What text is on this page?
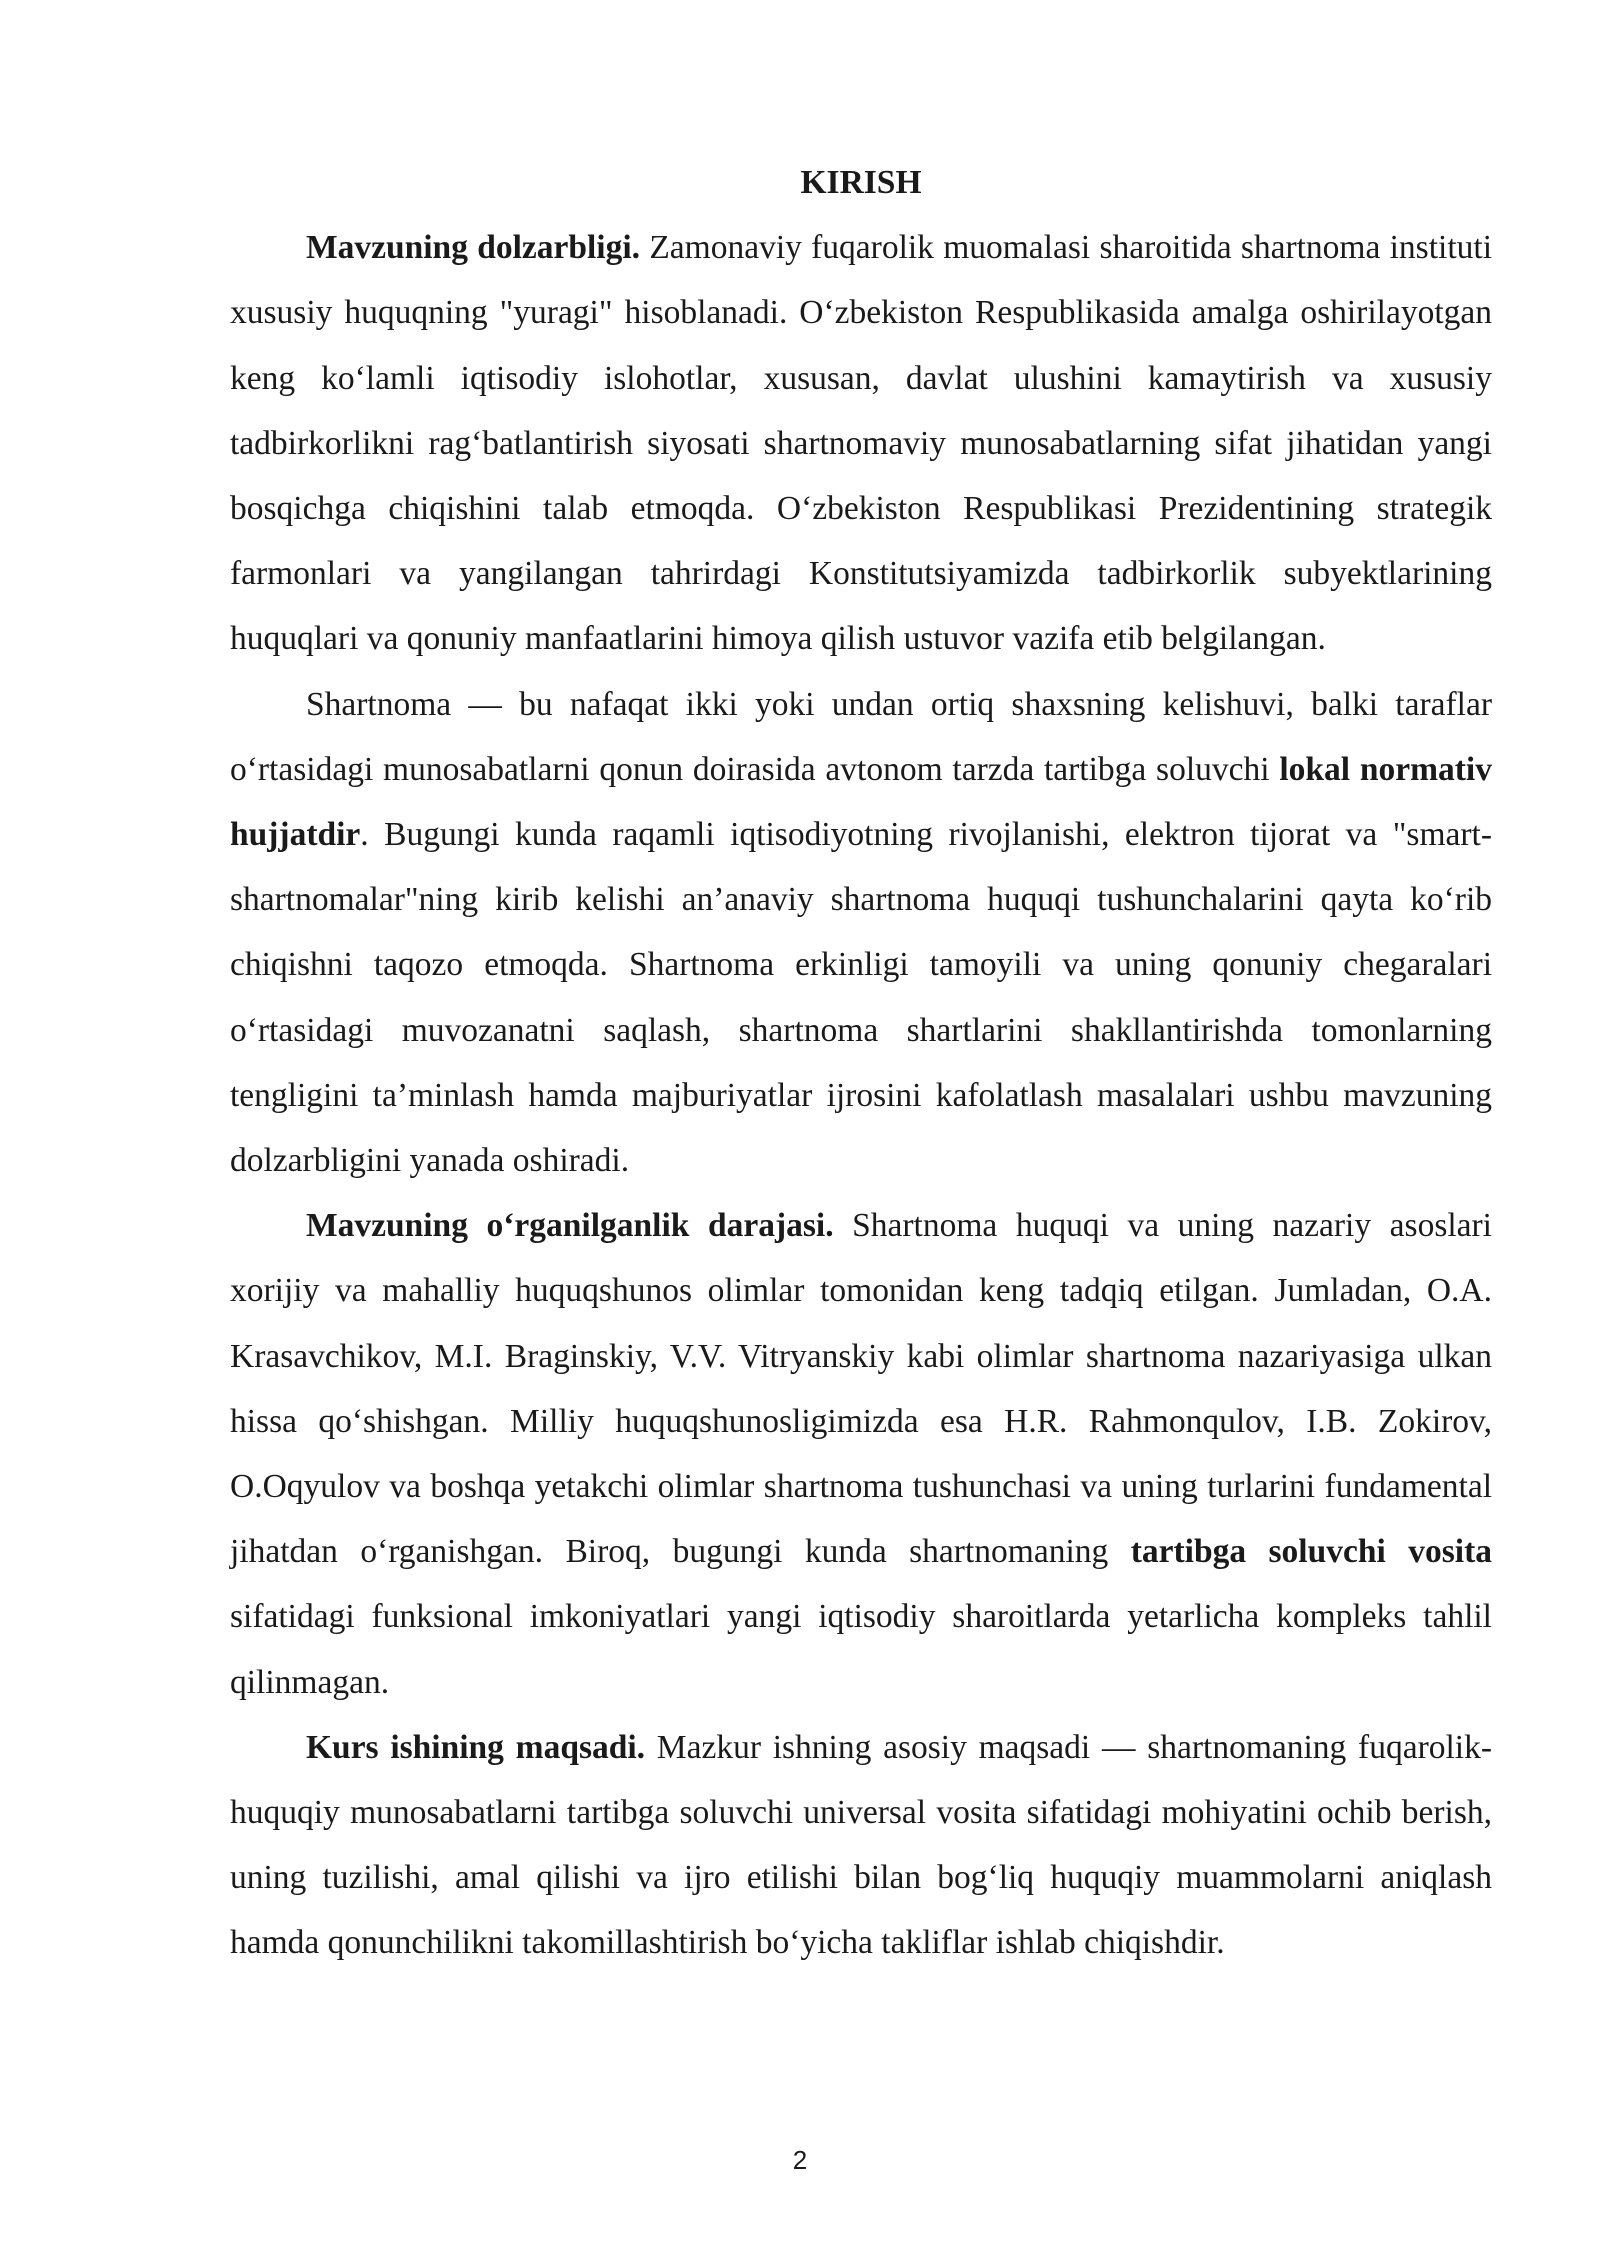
KIRISH

Mavzuning dolzarbligi. Zamonaviy fuqarolik muomalasi sharoitida shartnoma instituti xususiy huquqning "yuragi" hisoblanadi. O‘zbekiston Respublikasida amalga oshirilayotgan keng ko‘lamli iqtisodiy islohotlar, xususan, davlat ulushini kamaytirish va xususiy tadbirkorlikni rag‘batlantirish siyosati shartnomaviy munosabatlarning sifat jihatidan yangi bosqichga chiqishini talab etmoqda. O‘zbekiston Respublikasi Prezidentining strategik farmonlari va yangilangan tahrirdagi Konstitutsiyamizda tadbirkorlik subyektlarining huquqlari va qonuniy manfaatlarini himoya qilish ustuvor vazifa etib belgilangan.

Shartnoma — bu nafaqat ikki yoki undan ortiq shaxsning kelishuvi, balki taraflar o‘rtasidagi munosabatlarni qonun doirasida avtonom tarzda tartibga soluvchi lokal normativ hujjatdir. Bugungi kunda raqamli iqtisodiyotning rivojlanishi, elektron tijorat va "smart-shartnomalar"ning kirib kelishi an’anaviy shartnoma huquqi tushunchalarini qayta ko‘rib chiqishni taqozo etmoqda. Shartnoma erkinligi tamoyili va uning qonuniy chegaralari o‘rtasidagi muvozanatni saqlash, shartnoma shartlarini shakllantirishda tomonlarning tengligini ta’minlash hamda majburiyatlar ijrosini kafolatlash masalalari ushbu mavzuning dolzarbligini yanada oshiradi.

Mavzuning o‘rganilganlik darajasi. Shartnoma huquqi va uning nazariy asoslari xorijiy va mahalliy huquqshunos olimlar tomonidan keng tadqiq etilgan. Jumladan, O.A. Krasavchikov, M.I. Braginskiy, V.V. Vitryanskiy kabi olimlar shartnoma nazariyasiga ulkan hissa qo‘shishgan. Milliy huquqshunosligimizda esa H.R. Rahmonqulov, I.B. Zokirov, O.Oqyulov va boshqa yetakchi olimlar shartnoma tushunchasi va uning turlarini fundamental jihatdan o‘rganishgan. Biroq, bugungi kunda shartnomaning tartibga soluvchi vosita sifatidagi funksional imkoniyatlari yangi iqtisodiy sharoitlarda yetarlicha kompleks tahlil qilinmagan.

Kurs ishining maqsadi. Mazkur ishning asosiy maqsadi — shartnomaning fuqarolik-huquqiy munosabatlarni tartibga soluvchi universal vosita sifatidagi mohiyatini ochib berish, uning tuzilishi, amal qilishi va ijro etilishi bilan bog‘liq huquqiy muammolarni aniqlash hamda qonunchilikni takomillashtirish bo‘yicha takliflar ishlab chiqishdir.

2
